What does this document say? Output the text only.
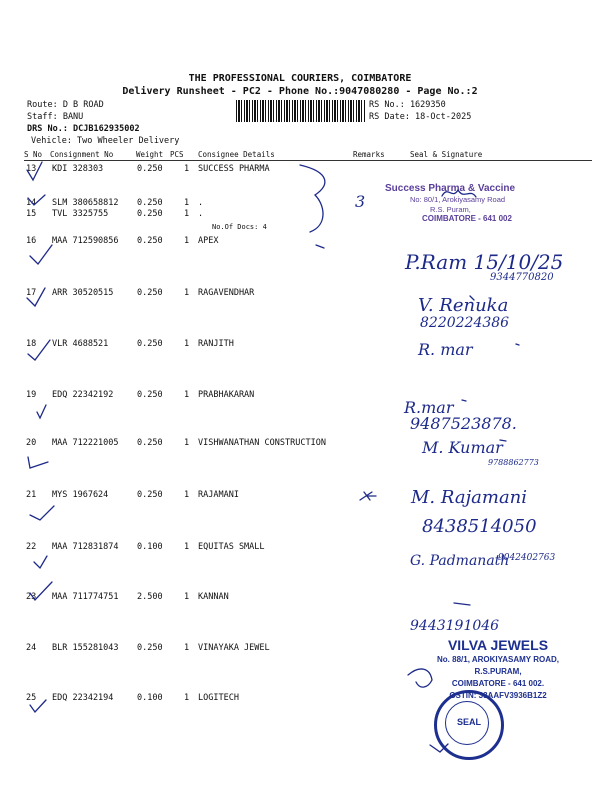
THE PROFESSIONAL COURIERS, COIMBATORE
Delivery Runsheet - PC2 - Phone No.:9047080280 - Page No.:2
Route: D B ROAD
Staff: BANU
DRS No.: DCJB162935002
Vehicle: Two Wheeler Delivery
RS No.: 1629350
RS Date: 18-Oct-2025
S No Consignment No	Weight PCS Consignee Details	Remarks	Seal & Signature
13 KDI 328303	0.250	1 SUCCESS PHARMA
14 SLM 380658812 0.250	1 .
15 TVL 3325755	0.250	1 .
16 MAA 712590856 0.250	1 APEX
17 ARR 30520515	0.250	1 RAGAVENDHAR
18 VLR 4688521	0.250	1 RANJITH
19 EDQ 22342192	0.250	1 PRABHAKARAN
20 MAA 712221005 0.250	1 VISHWANATHAN CONSTRUCTION
21 MYS 1967624	0.250	1 RAJAMANI
22 MAA 712831874 0.100	1 EQUITAS SMALL
23 MAA 711774751 2.500	1 KANNAN
24 BLR 155281043 0.250	1 VINAYAKA JEWEL
25 EDQ 22342194	0.100	1 LOGITECH
No.Of Docs: 4
Success Pharma & Vaccine
No: 80/1, Arokiyasamy Road
R.S. Puram,
COIMBATORE - 641 002
3
P.Ram 15/10/25
9344770820
V. Renuka
8220224386
R. mar
R.mar
9487523878.
M. Kumar
9788862773
M. Rajamani
8438514050
G. Padmanath
9042402763
9443191046
VILVA JEWELS
No. 88/1, AROKIYASAMY ROAD,
R.S.PURAM,
COIMBATORE - 641 002.
GSTIN: 33AAFV3936B1Z2
SEAL
